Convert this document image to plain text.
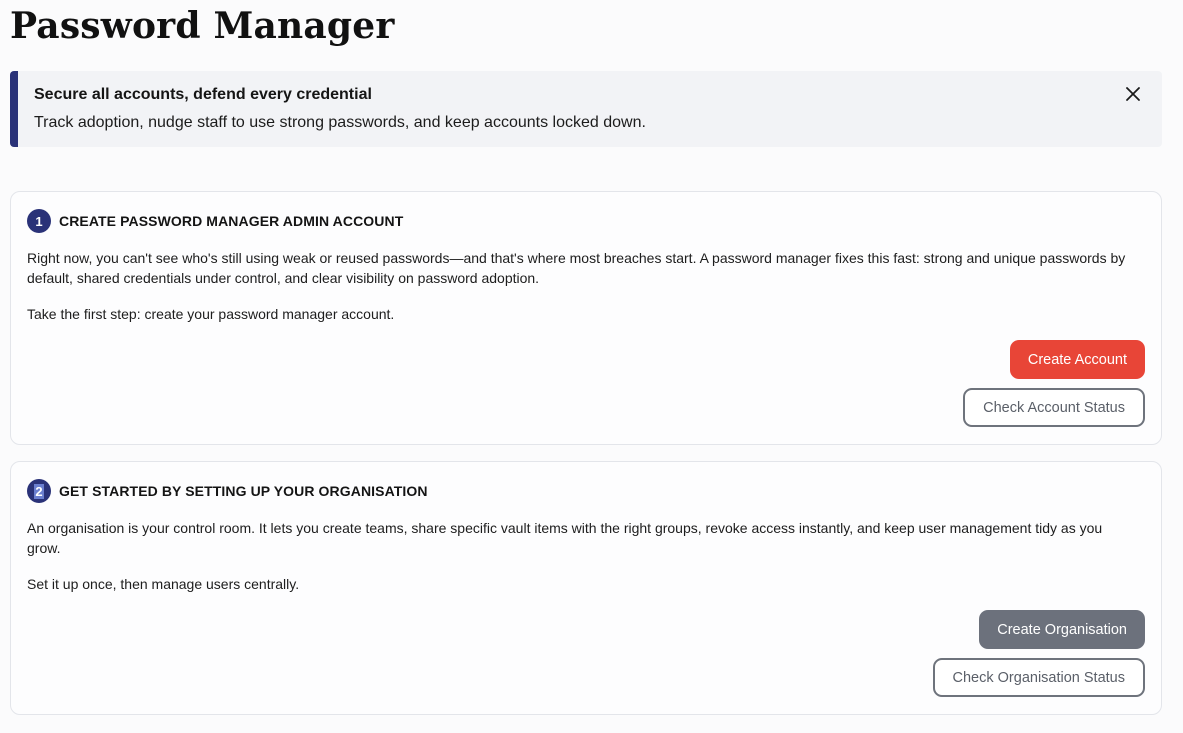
Password Manager
Secure all accounts, defend every credential
Track adoption, nudge staff to use strong passwords, and keep accounts locked down.
1	CREATE PASSWORD MANAGER ADMIN ACCOUNT

Right now, you can't see who's still using weak or reused passwords—and that's where most breaches start. A password manager fixes this fast: strong and unique passwords by default, shared credentials under control, and clear visibility on password adoption.

Take the first step: create your password manager account.

Create Account
Check Account Status
2 GET STARTED BY SETTING UP YOUR ORGANISATION

An organisation is your control room. It lets you create teams, share specific vault items with the right groups, revoke access instantly, and keep user management tidy as you grow.

Set it up once, then manage users centrally.

Create Organisation
Check Organisation Status
